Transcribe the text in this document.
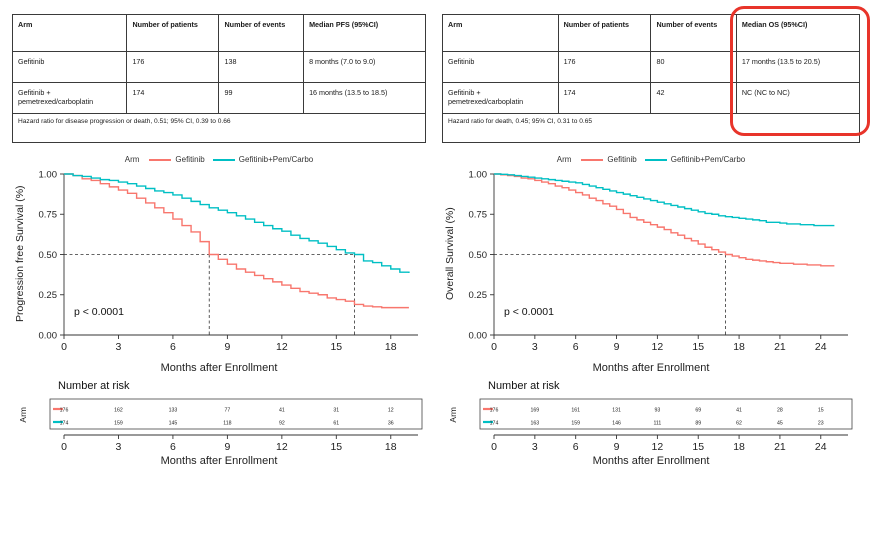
Arm	Number of patients	Number of events	Median PFS (95%CI)
Gefitinib	176	138	8 months (7.0 to 9.0)
Gefitinib + pemetrexed/carboplatin	174	99	16 months (13.5 to 18.5)
Hazard ratio for disease progression or death, 0.51; 95% CI, 0.39 to 0.66			
Arm	Gefitinib	Gefitinib+Pem/Carbo
Progression free Survival (%)
0.00
0.25
0.50
0.75
1.00
0	3	6	9	12	15	18
p < 0.0001
Months after Enrollment
Number at risk
Arm	176	162	133	77	41	31	12
174	159	145	118	92	61	36
0	3	6	9	12	15	18
Months after Enrollment
Arm	Number of patients	Number of events	Median OS (95%CI)
Gefitinib	176	80	17 months (13.5 to 20.5)
Gefitinib + pemetrexed/carboplatin	174	42	NC (NC to NC)
Hazard ratio for death, 0.45; 95% CI, 0.31 to 0.65			
Arm	Gefitinib	Gefitinib+Pem/Carbo
Overall Survival (%)
0.00
0.25
0.50
0.75
1.00
0	3	6	9	12	15	18	21	24
p < 0.0001
Months after Enrollment
Number at risk
Arm	176	169	161	131	93	69	41	28	15
174	163	159	146	111	89	62	45	23
0	3	6	9	12	15	18	21	24
Months after Enrollment
